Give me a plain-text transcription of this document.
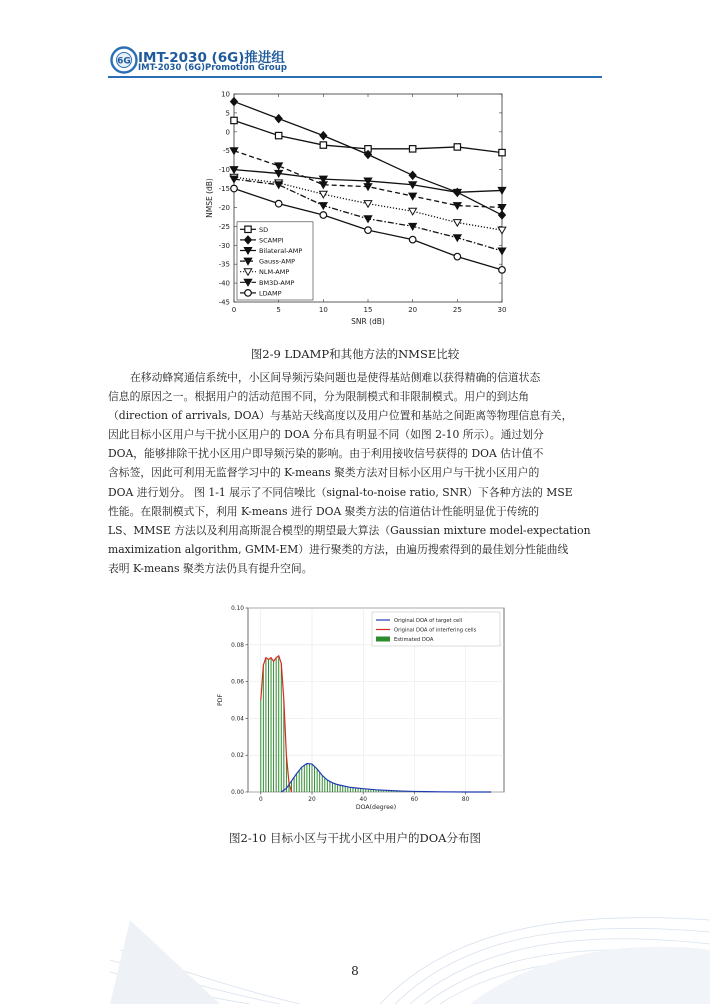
6G IMT-2030 (6G)推进组
IMT-2030 (6G)Promotion Group
10
5
0
-5
-10
-15
-20
-25
-30
-35
-40
-45
0	5	10	15	20	25	30
SNR (dB)
NMSE (dB)
SD
SCAMPI
Bilateral-AMP
Gauss-AMP
NLM-AMP
BM3D-AMP
LDAMP
图2-9 LDAMP和其他方法的NMSE比较

在移动蜂窝通信系统中，小区间导频污染问题也是使得基站侧难以获得精确的信道状态

信息的原因之一。根据用户的活动范围不同，分为限制模式和非限制模式。用户的到达角

（direction of arrivals, DOA）与基站天线高度以及用户位置和基站之间距离等物理信息有关，

因此目标小区用户与干扰小区用户的 DOA 分布具有明显不同（如图 2-10 所示）。通过划分

DOA，能够排除干扰小区用户即导频污染的影响。由于利用接收信号获得的 DOA 估计值不

含标签，因此可利用无监督学习中的 K-means 聚类方法对目标小区用户与干扰小区用户的

DOA 进行划分。 图 1-1 展示了不同信噪比（signal-to-noise ratio, SNR）下各种方法的 MSE

性能。在限制模式下，利用 K-means 进行 DOA 聚类方法的信道估计性能明显优于传统的

LS、MMSE 方法以及利用高斯混合模型的期望最大算法（Gaussian mixture model-expectation

maximization algorithm, GMM-EM）进行聚类的方法，由遍历搜索得到的最佳划分性能曲线

表明 K-means 聚类方法仍具有提升空间。

0.00
0.02
0.04
0.06
0.08
0.10
0	20	40	60	80
DOA(degree)
PDF
Original DOA of target cell
Original DOA of interfering cells
Estimated DOA
图2-10 目标小区与干扰小区中用户的DOA分布图
8
